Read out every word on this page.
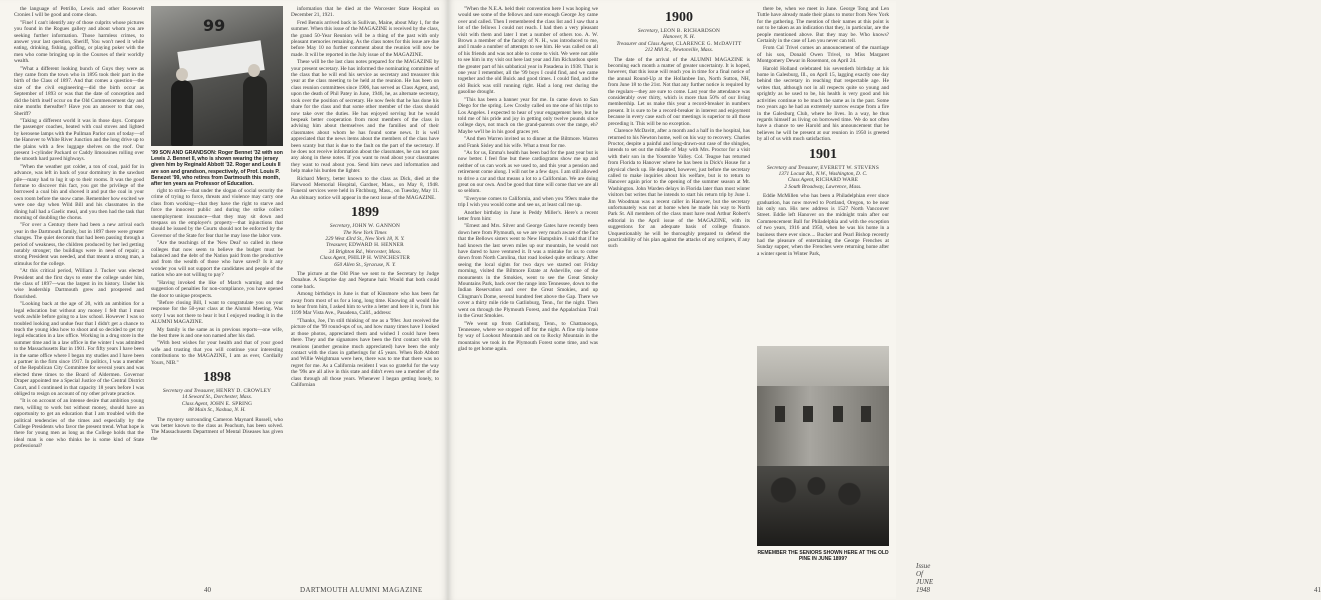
the language of Petrillo, Lewis and other Roosevelt Cronies I will be good and come clean.

"Fine! I can't identify any of those culprits whose pictures you found in the Rogues gallery and about whom you are seeking further information. Those harmless crimes, to answer your last question, Sheriff, You won't need it while eating, drinking, fishing, golfing, or playing poker with the men who come bringing up in the Courses of their worldly wealth.

"What a different looking bunch of Guys they were as they came from the town who in 1895 took their part in the birth of the Class of 1897. And that comes a question—the size of the civil engineering—did the birth occur as September of 1893 or was that the date of conception and did the birth itself occur on the Old Commencement day and nine months thereafter? Have you an answer to that one, Sheriff?

"Taking a different world it was in those days. Compare the passenger coaches, heated with coal stoves and lighted by kerosene lamps with the Pullman Parlor cars of today—of the Hanover to White River Junction and the long drive up to the plains with a few luggage shelves on the roof. Our present 1-cylinder Packard or Caddy limousines rolling over the smooth hard paved highways.

"When the weather got colder, a ton of coal, paid for in advance, was left in back of your dormitory in the sawdust pile—many had to lug it up to their rooms. It was the good fortune to discover this fact, you got the privilege of the borrowed a coal bin and shoved it and put the coal in your own room before the snow came. Remember how excited we were one day when Wild Bill and his classmates in the dining hall had a Gaelic meal, and you then had the task that morning of doubling the chorus.

"For over a Century there had been a new arrival each year in the Dartmouth family, but in 1897 there were greater changes. The quiet decorum that had been passing through a period of weakness, the children produced by her led getting notably stronger; the buildings were in need of repair; a strong President was needed, and that meant a strong man, a stimulus for the college.

"At this critical period, William J. Tucker was elected President and the first days to enter the college under him, the class of 1897—was the largest in its history. Under his wise leadership Dartmouth grew and prospered and flourished.

"Looking back at the age of 20, with an ambition for a legal education but without any money I felt that I must work awhile before going to a law school. However I was so troubled looking and undue fear that I didn't get a chance to teach the young idea how to shoot and so decided to get my legal education in a law office. Working in a drug store in the summer time and in a law office in the winter I was admitted to the Massachusetts Bar in 1901. For fifty years I have been in the same office where I began my studies and I have been a partner in the firm since 1917. In politics, I was a member of the Republican City Committee for several years and was elected three times to the Board of Aldermen. Governor Draper appointed me a Special Justice of the Central District Court, and I continued in that capacity 18 years before I was obliged to resign on account of my other private practice.

"It is on account of an intense desire that ambition young men, willing to work but without money, should have an opportunity to get an education that I am troubled with the political tendencies of the times and especially by the College Presidents who favor the present trend. What hope is there for young men as long as the College holds that the ideal man is one who thinks he is some kind of State professional?

99
'99 SON AND GRANDSON: Roger Bennet '32 with son Lewis J. Bennet II, who is shown wearing the jersey given him by Reginald Abbott '32. Roger and Louis II are son and grandson, respectively, of Prof. Louis P. Benezet '99, who retires from Dartmouth this month, after ten years as Professor of Education.

right to strike—that under the slogan of social security the crime of trying to force, threats and violence may carry one class from working—that they have the right to starve and force the innocent public and during the strike collect unemployment insurance—that they may sit down and trespass on the employer's property—that injunctions that should be issued by the Courts should not be enforced by the Governor of the State for fear that he may lose the labor vote.

"Are the teachings of the 'New Deal' so called in these colleges that now seem to believe the budget must be balanced and the debt of the Nation paid from the productive and from the wealth of those who have saved? Is it any wonder you will not support the candidates and people of the nation who are not willing to pay?

"Having invoked the like of March warning and the suggestion of penalties for non-compliance, you have opened the door to unique prospects.

"Before closing Bill, I want to congratulate you on your response for the 50-year class at the Alumni Meeting. Was sorry I was not there to hear it but I enjoyed reading it in the ALUMNI MAGAZINE.

My family is the same as in previous reports—one wife, the best three is and one son named after his dad.

"With best wishes for your health and that of your good wife and trusting that you will continue your interesting contributions to the MAGAZINE, I am as ever, Cordially Yours, NIB."

1898
Secretary and Treasurer, HENRY D. CROWLEY
14 Seward St., Dorchester, Mass.
Class Agent, JOHN E. SPRING
88 Main St., Nashua, N. H.

The mystery surrounding Cameron Maynard Russell, who was better known to the class as Peachum, has been solved. The Massachusetts Department of Mental Diseases has given the

information that he died at the Worcester State Hospital on December 21, 1921.

Fred Bennis arrived back in Sullivan, Maine, about May 1, for the summer. When this issue of the MAGAZINE is received by the class, the grand 50-Year Reunion will be a thing of the past with only pleasant memories remaining. As the class notes for this issue are due before May 10 no further comment about the reunion will now be made. It will be reported in the July issue of the MAGAZINE.

These will be the last class notes prepared for the MAGAZINE by your present secretary. He has informed the nominating committee of the class that he will end his service as secretary and treasurer this year at the class meeting to be held at the reunion. He has been on class reunion committees since 1906, has served as Class Agent, and, upon the death of Phil Patey in June, 1946, he, as alternate secretary, took over the position of secretary. He now feels that he has done his share for the class and that some other member of the class should now take over the duties. He has enjoyed serving but he would bespeak better cooperation from most members of the class in advising him about themselves and the families and of their classmates about whom he has found some news. It is well appreciated that the news items about the members of the class have been scanty but that is due to the fault on the part of the secretary. If he does not receive information about the classmates, he can not pass any along in these notes. If you want to read about your classmates they want to read about you. Send him news and information and help make his burden the lighter.

Richard Merry, better known to the class as Dick, died at the Harwood Memorial Hospital, Gardner, Mass., on May 8, 1948. Funeral services were held in Fitchburg, Mass., on Tuesday, May 11. An obituary notice will appear in the next issue of the MAGAZINE.

1899
Secretary, JOHN W. GANNON
The New York Times
229 West 43rd St., New York 18, N. Y.
Treasurer, EDWARD H. HENNER
34 Brighton Rd., Worcester, Mass.
Class Agent, PHILIP H. WINCHESTER
650 Allen St., Syracuse, N. Y.

The picture at the Old Pine we sent to the Secretary by Judge Donahue. A Surprise day and Neptune hair. Would that both could come back.

Among birthdays in June is that of Kinsmore who has been far away from most of us for a long, long time. Knowing all would like to hear from him, I asked him to write a letter and here it is, from his 1199 Mar Vista Ave., Pasadena, Calif., address:

"Thanks, Joe, I'm still thinking of me as a '99er. Just received the picture of the '99 round-ups of us, and how many times have I looked at those photos, appreciated them and wished I could have been there. They and the signatures have been the first contact with the reunions (another genuine much appreciated) have been the only contact with the class in gatherings for 45 years. When Rob Abbott and Willie Weightman were here, there was to me that there was no regret for me. As a California resident I was so grateful for the way the '99s are all alive in this state and didn't even see a member of the class through all those years. Whenever I began getting lonely, to Californian

40	DARTMOUTH ALUMNI MAGAZINE

"When the N.E.A. held their convention here I was hoping we would see some of the fellows and sure enough George Joy came over and called. Then I remembered the class list and I saw that a lot of the fellows I could not reach. I had then a very pleasant visit with them and later I met a number of others too. A. W. Brown a member of the faculty of N. H., was introduced to me, and I made a number of attempts to see him. He was called on all of his friends and was not able to come to visit. We were not able to see him in my visit out here last year and Jim Richardson spent the greater part of his sabbatical year in Pasadena in 1938. That is one year I remember, all the '99 boys I could find, and we came together and the old Buick and good times. I could find, and the old Buick was still running right. Had a long rest during the gasoline drought.

"This has been a banner year for me. In came down to San Diego for the spring. Lew Crosby called on me one of his trips to Los Angeles. I expected to hear of your engagement here, but he told me of his pride and joy in getting only twelve pounds since college days, not much on the grand-parents over the range, eh? Maybe we'll be in his good graces yet.

"And then Warren invited us to dinner at the Biltmore. Warren and Frank Sisley and his wife. What a treat for me.

"As for us, Emma's health has been bad for the past year but is now better. I feel fine but these cardiograms show me up and neither of us can work as we used to, and this year a pension and retirement come along. I will not be a few days. I am still allowed to drive a car and that means a lot to a Californian. We are doing great on our own. And be good that time will come that we are all so seldom.

"Everyone comes to California, and when you '99ers make the trip I wish you would come and see us, at least call me up.

Another birthday in June is Peddy Miller's. Here's a recent letter from him:

"Ernest and Mrs. Silver and George Gates have recently been down here from Plymouth, so we are very much aware of the fact that the Bellows sisters went to New Hampshire. I said that if he had known the last seven miles up our mountain, he would not have dared to have ventured it. It was a mistake for us to come down from North Carolina, that road looked quite ordinary. After seeing the local sights for two days we started out Friday morning, visited the Biltmore Estate at Asheville, one of the monuments in the Smokies, went to see the Great Smoky Mountains Park, back over the range into Tennessee, down to the Indian Reservation and over the Great Smokies, and up Clingman's Dome, several hundred feet above the Gap. There we cover a thirty mile ride to Gatlinburg, Tenn., for the night. Then went on through the Plymouth Forest, and the Appalachian Trail in the Great Smokies.

"We went up from Gatlinburg, Tenn., to Chattanooga, Tennessee, where we stopped off for the night. A fine trip home by way of Lookout Mountain and on to Rocky Mountain in the mountains we took in the Plymouth Forest some time, and was glad to get home again.

1900
Secretary, LEON B. RICHARDSON
Hanover, N. H.
Treasurer and Class Agent, CLARENCE G. McDAVITT
212 Mill St., Newtonville, Mass.

The date of the arrival of the ALUMNI MAGAZINE is becoming each month a matter of greater uncertainty. It is hoped, however, that this issue will reach you in time for a final notice of the annual Round-Up at the Hollanbee Inn, North Sutton, NH, from June 18 to the 21st. Not that any further notice is required by the regulars—they are sure to come. Last year the attendance was considerably over thirty, which is more than 50% of our living membership. Let us make this year a record-breaker in numbers present. It is sure to be a record-breaker in interest and enjoyment because in every case each of our meetings is superior to all those preceding it. This will be no exception.

Clarence McDavitt, after a month and a half in the hospital, has returned to his Newton home, well on his way to recovery. Charles Proctor, despite a painful and long-drawn-out case of the shingles, intends to set out the middle of May with Mrs. Proctor for a visit with their son in the Yosemite Valley. Col. Teague has returned from Florida to Hanover where he has been in Dick's House for a physical check up. He departed, however, just before the secretary called to make inquiries about his welfare, but is to return to Hanover again prior to the opening of the summer season at Mt. Washington. John Warden delays in Florida later than most winter visitors but writes that he intends to start his return trip by June 1. Jim Woodman was a recent caller in Hanover, but the secretary unfortunately was not at home when he made his way to North Park St. All members of the class must have read Arthur Robert's editorial in the April issue of the MAGAZINE, with its suggestions for an adequate basis of college finance. Unquestionably he will be thoroughly prepared to defend the practicability of his plan against the attacks of any scripters, if any such

there be, when we meet in June. George Tong and Len Tuttle have already made their plans to motor from New York for the gathering. The mention of their names at this point is not to be taken as an indication that they, in particular, are the people mentioned above. But they may be. Who knows? Certainly in the case of Len you never can tell.

From Cal Trivel comes an announcement of the marriage of his son, Donald Owen Trivel, to Miss Margaret Montgomery Dewar in Rosemont, on April 24.

Harold Holland celebrated his seventieth birthday at his home in Galesburg, Ill., on April 15, lagging exactly one day behind the secretary in reaching that respectable age. He writes that, although not in all respects quite so young and sprightly as he used to be, his health is very good and his activities continue to be much the same as in the past. Some two years ago he had an extremely narrow escape from a fire in the Galesburg Club, where he lives. In a way, he thus regards himself as living on borrowed time. We do not often have a chance to see Harold and his announcement that he believes he will be present at our reunion in 1950 is greeted by all of us with much satisfaction.

1901
Secretary and Treasurer, EVERETT W. STEVENS
1371 Locust Rd., N.W., Washington, D. C.
Class Agent, RICHARD WARE
2 South Broadway, Lawrence, Mass.

Eddie McMillen who has been a Philadelphian ever since graduation, has now moved to Portland, Oregon, to be near his only son. His new address is 1527 North Vancouver Street. Eddie left Hanover on the midnight train after our Commencement Ball for Philadelphia and with the exception of two years, 1916 and 1950, when he was his home in a business there ever since.... Bucker and Pearl Bishop recently had the pleasure of entertaining the George Frenches at Sunday supper, when the Frenches were returning home after a winter spent in Winter Park,

REMEMBER THE SENIORS SHOWN HERE AT THE OLD PINE IN JUNE 1899?
Issue Of JUNE 1948	41
